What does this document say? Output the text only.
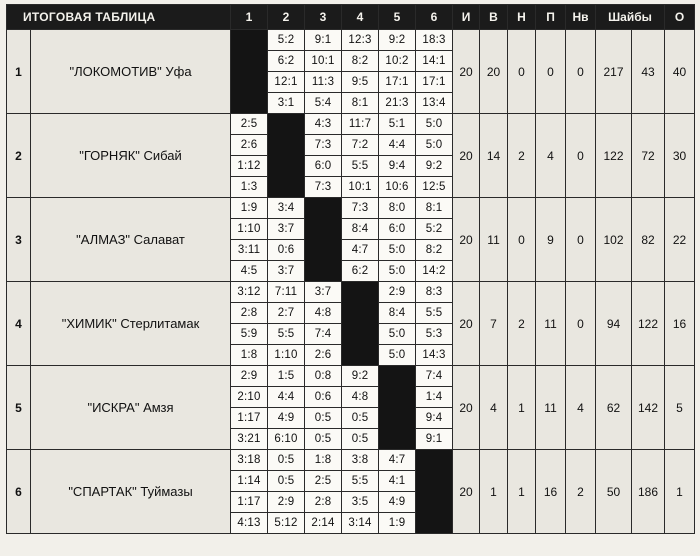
ИТОГОВАЯ ТАБЛИЦА		1	2	3	4	5	6	И	В	Н	П	Нв	Шайбы		О
1	"ЛОКОМОТИВ" Уфа		5:2	9:1	12:3	9:2	18:3	20	20	0	0	0	217	43	40
			6:2	10:1	8:2	10:2	14:1								
			12:1	11:3	9:5	17:1	17:1								
			3:1	5:4	8:1	21:3	13:4								
2	"ГОРНЯК" Сибай	2:5		4:3	11:7	5:1	5:0	20	14	2	4	0	122	72	30
		2:6		7:3	7:2	4:4	5:0								
		1:12		6:0	5:5	9:4	9:2								
		1:3		7:3	10:1	10:6	12:5								
3	"АЛМАЗ" Салават	1:9	3:4		7:3	8:0	8:1	20	11	0	9	0	102	82	22
		1:10	3:7		8:4	6:0	5:2								
		3:11	0:6		4:7	5:0	8:2								
		4:5	3:7		6:2	5:0	14:2								
4	"ХИМИК" Стерлитамак	3:12	7:11	3:7		2:9	8:3	20	7	2	11	0	94	122	16
		2:8	2:7	4:8		8:4	5:5								
		5:9	5:5	7:4		5:0	5:3								
		1:8	1:10	2:6		5:0	14:3								
5	"ИСКРА" Амзя	2:9	1:5	0:8	9:2		7:4	20	4	1	11	4	62	142	5
		2:10	4:4	0:6	4:8		1:4								
		1:17	4:9	0:5	0:5		9:4								
		3:21	6:10	0:5	0:5		9:1								
6	"СПАРТАК" Туймазы	3:18	0:5	1:8	3:8	4:7		20	1	1	16	2	50	186	1
		1:14	0:5	2:5	5:5	4:1									
		1:17	2:9	2:8	3:5	4:9									
		4:13	5:12	2:14	3:14	1:9									
